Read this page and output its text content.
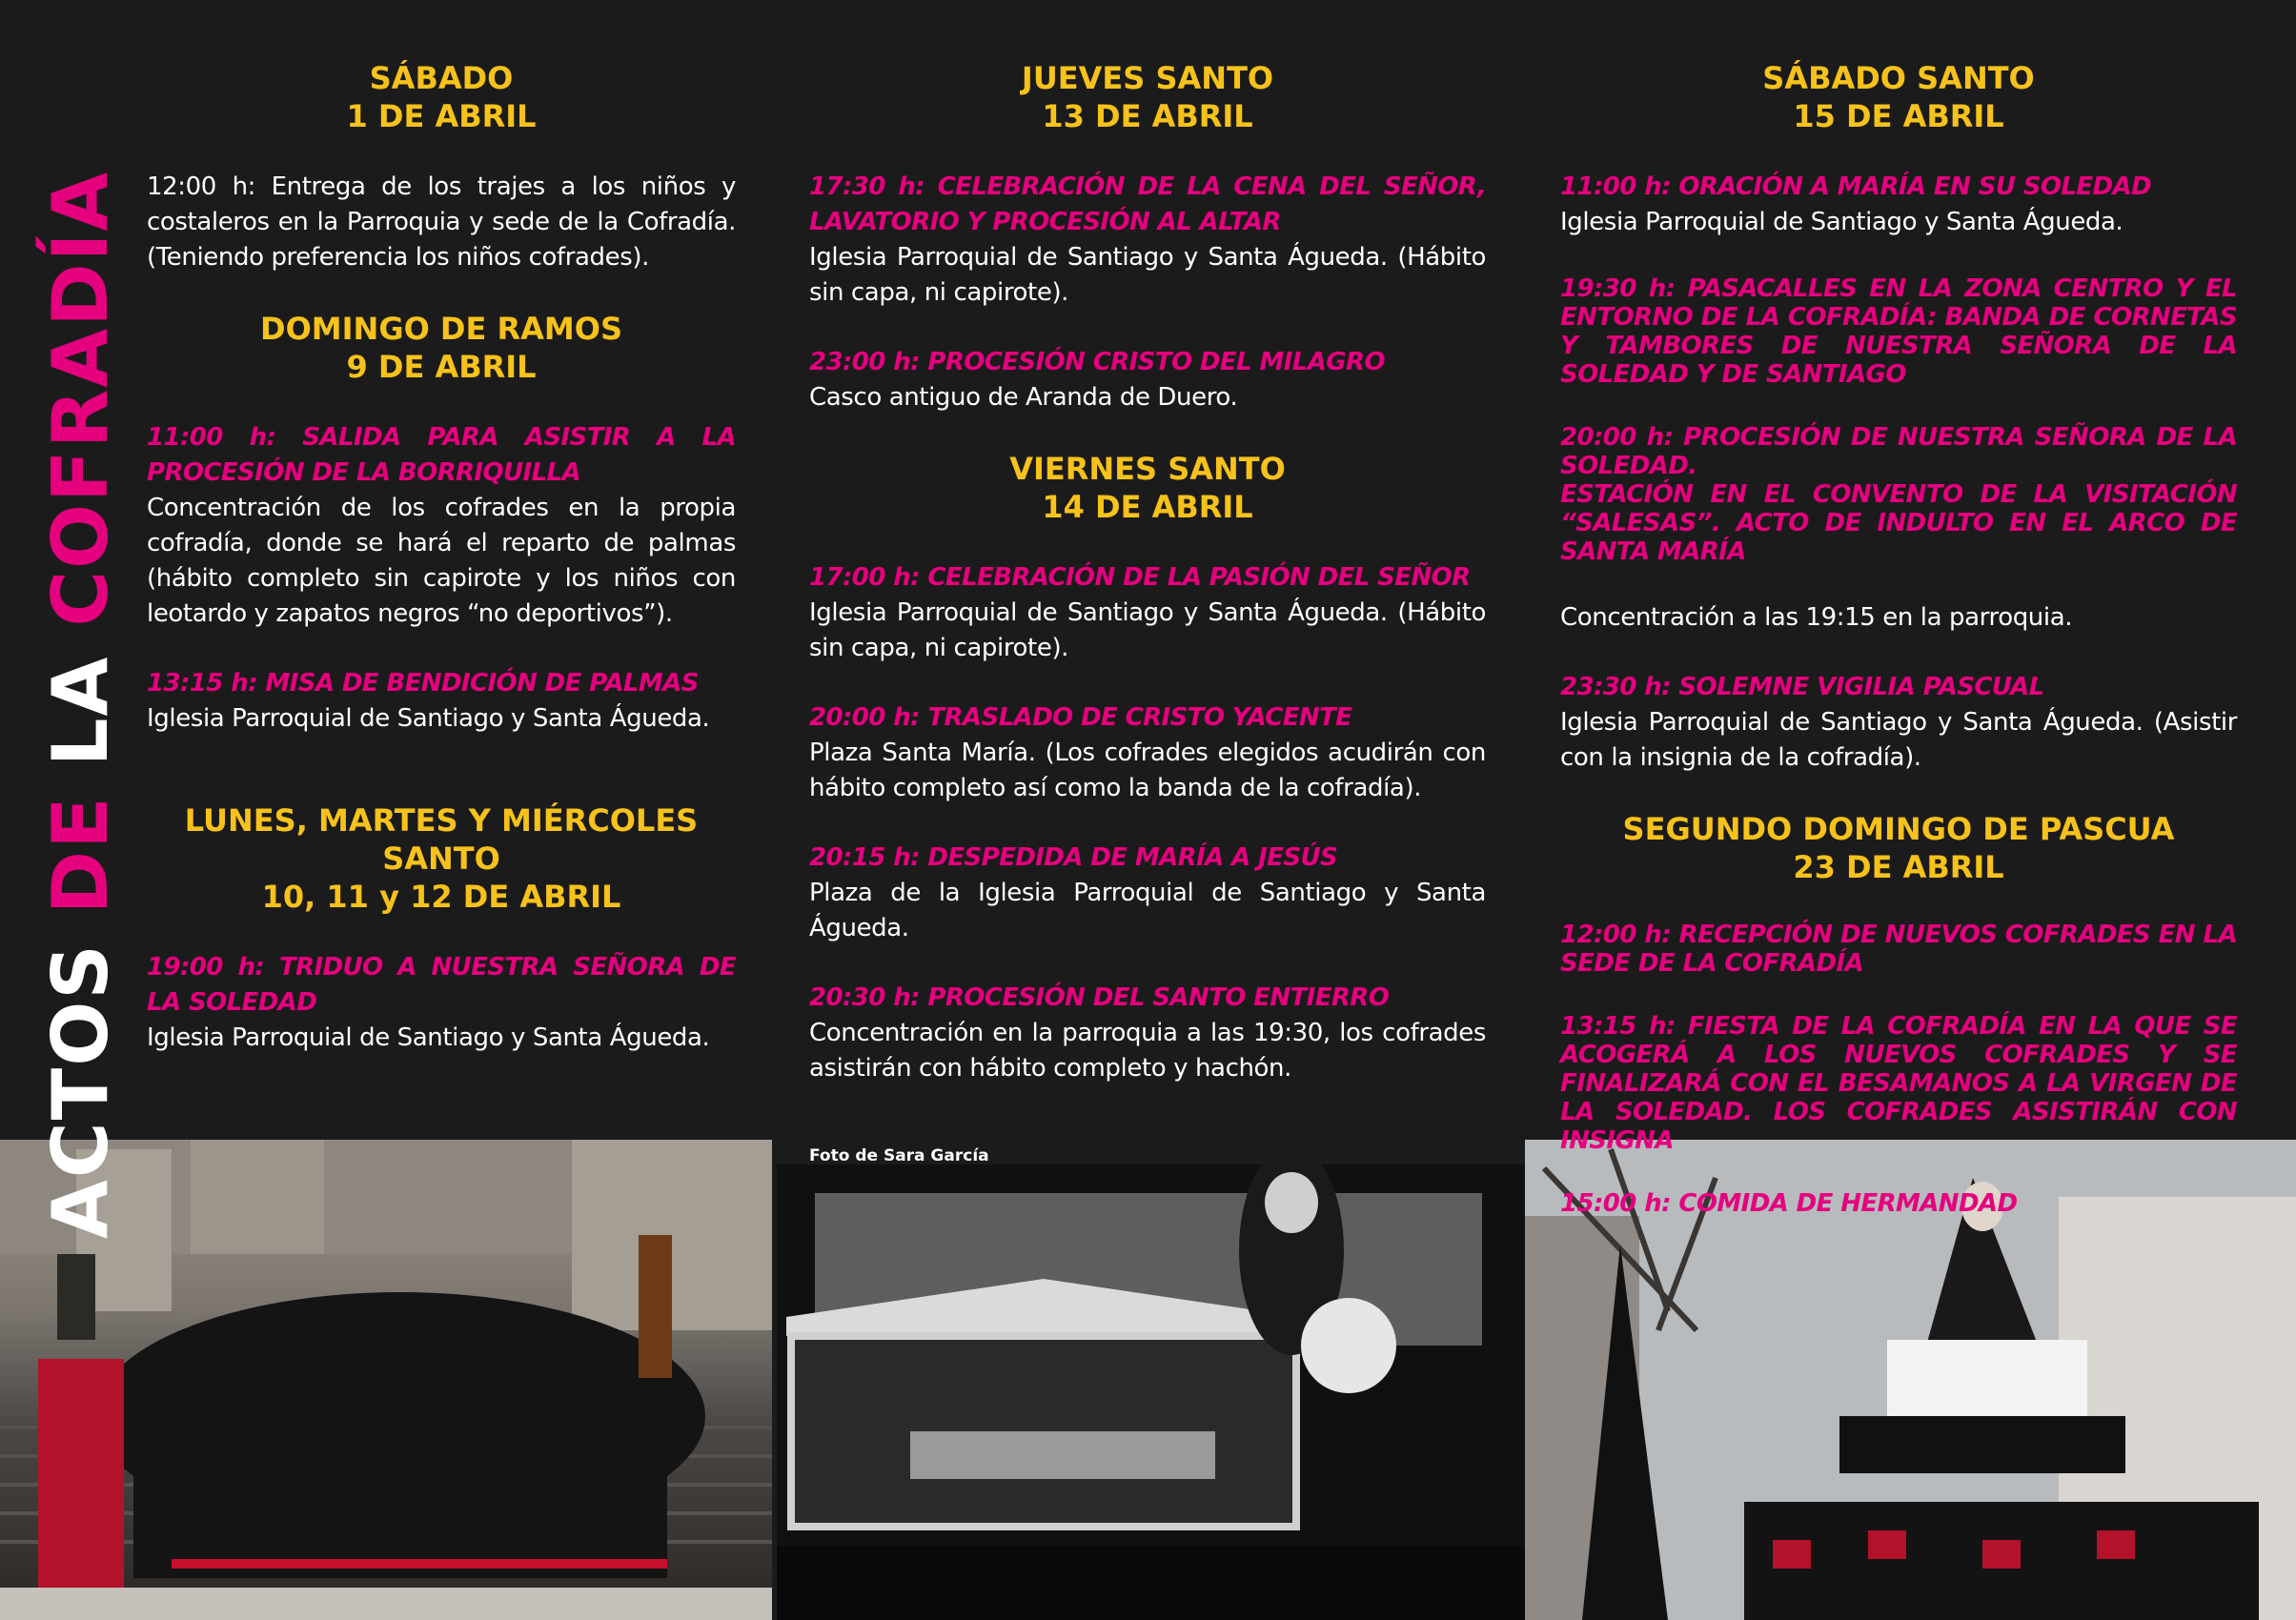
Foto de Sara García
ACTOS DE LA COFRADÍA
SÁBADO
1 DE ABRIL

12:00 h: Entrega de los trajes a los niños y costaleros en la Parroquia y sede de la Cofradía. (Teniendo preferencia los niños cofrades).

DOMINGO DE RAMOS
9 DE ABRIL

11:00 h: SALIDA PARA ASISTIR A LA PROCESIÓN DE LA BORRIQUILLA

Concentración de los cofrades en la propia cofradía, donde se hará el reparto de palmas (hábito completo sin capirote y los niños con leotardo y zapatos negros “no deportivos”).

13:15 h: MISA DE BENDICIÓN DE PALMAS

Iglesia Parroquial de Santiago y Santa Águeda.

LUNES, MARTES Y MIÉRCOLES SANTO
10, 11 y 12 DE ABRIL

19:00 h: TRIDUO A NUESTRA SEÑORA DE LA SOLEDAD

Iglesia Parroquial de Santiago y Santa Águeda.

JUEVES SANTO
13 DE ABRIL

17:30 h: CELEBRACIÓN DE LA CENA DEL SEÑOR, LAVATORIO Y PROCESIÓN AL ALTAR

Iglesia Parroquial de Santiago y Santa Águeda. (Hábito sin capa, ni capirote).

23:00 h: PROCESIÓN CRISTO DEL MILAGRO

Casco antiguo de Aranda de Duero.

VIERNES SANTO
14 DE ABRIL

17:00 h: CELEBRACIÓN DE LA PASIÓN DEL SEÑOR

Iglesia Parroquial de Santiago y Santa Águeda. (Hábito sin capa, ni capirote).

20:00 h: TRASLADO DE CRISTO YACENTE

Plaza Santa María. (Los cofrades elegidos acudirán con hábito completo así como la banda de la cofradía).

20:15 h: DESPEDIDA DE MARÍA A JESÚS

Plaza de la Iglesia Parroquial de Santiago y Santa Águeda.

20:30 h: PROCESIÓN DEL SANTO ENTIERRO

Concentración en la parroquia a las 19:30, los cofrades asistirán con hábito completo y hachón.

SÁBADO SANTO
15 DE ABRIL

11:00 h: ORACIÓN A MARÍA EN SU SOLEDAD

Iglesia Parroquial de Santiago y Santa Águeda.

19:30 h: PASACALLES EN LA ZONA CENTRO Y EL ENTORNO DE LA COFRADÍA: BANDA DE CORNETAS Y TAMBORES DE NUESTRA SEÑORA DE LA SOLEDAD Y DE SANTIAGO

20:00 h: PROCESIÓN DE NUESTRA SEÑORA DE LA SOLEDAD.

ESTACIÓN EN EL CONVENTO DE LA VISITACIÓN “SALESAS”. ACTO DE INDULTO EN EL ARCO DE SANTA MARÍA

Concentración a las 19:15 en la parroquia.

23:30 h: SOLEMNE VIGILIA PASCUAL

Iglesia Parroquial de Santiago y Santa Águeda. (Asistir con la insignia de la cofradía).

SEGUNDO DOMINGO DE PASCUA
23 DE ABRIL

12:00 h: RECEPCIÓN DE NUEVOS COFRADES EN LA SEDE DE LA COFRADÍA

13:15 h: FIESTA DE LA COFRADÍA EN LA QUE SE ACOGERÁ A LOS NUEVOS COFRADES Y SE FINALIZARÁ CON EL BESAMANOS A LA VIRGEN DE LA SOLEDAD. LOS COFRADES ASISTIRÁN CON INSIGNA

15:00 h: COMIDA DE HERMANDAD
